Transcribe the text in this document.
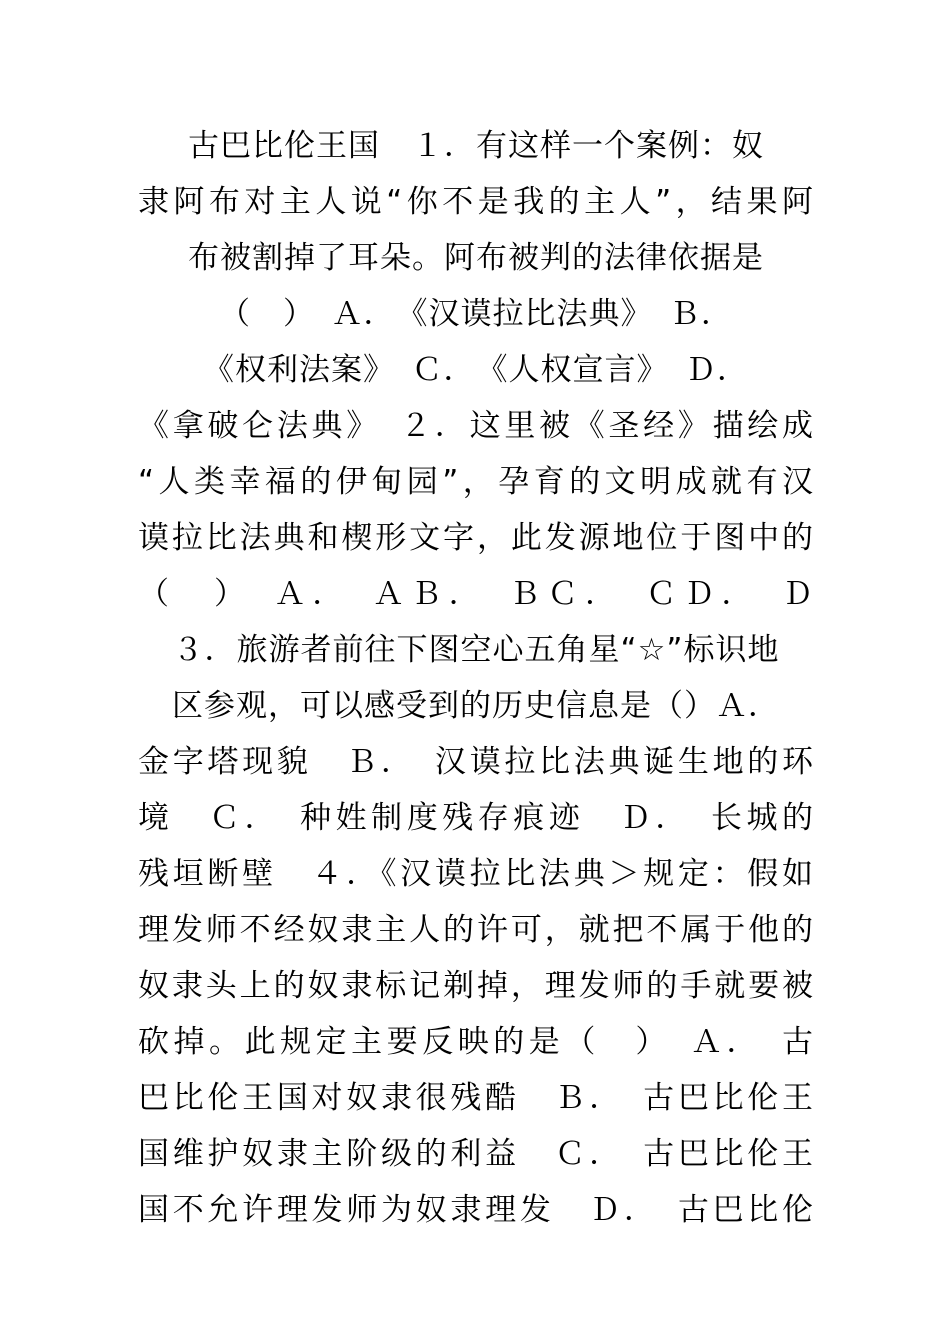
古巴比伦王国　１．有这样一个案例：奴
隶阿布对主人说“你不是我的主人”，结果阿
布被割掉了耳朵。阿布被判的法律依据是
（　）　Ａ．　《汉谟拉比法典》　Ｂ．
《权利法案》　Ｃ．　《人权宣言》　Ｄ．
《拿破仑法典》　２．这里被《圣经》描绘成
“人类幸福的伊甸园”，孕育的文明成就有汉
谟拉比法典和楔形文字，此发源地位于图中的
（　）　Ａ．　ＡＢ．　ＢＣ．　ＣＤ．　Ｄ
３．旅游者前往下图空心五角星“☆”标识地
区参观，可以感受到的历史信息是（）Ａ．
金字塔现貌　Ｂ．　汉谟拉比法典诞生地的环
境　Ｃ．　种姓制度残存痕迹　Ｄ．　长城的
残垣断壁　４．《汉谟拉比法典＞规定：假如
理发师不经奴隶主人的许可，就把不属于他的
奴隶头上的奴隶标记剃掉，理发师的手就要被
砍掉。此规定主要反映的是（　）　Ａ．　古
巴比伦王国对奴隶很残酷　Ｂ．　古巴比伦王
国维护奴隶主阶级的利益　Ｃ．　古巴比伦王
国不允许理发师为奴隶理发　Ｄ．　古巴比伦
